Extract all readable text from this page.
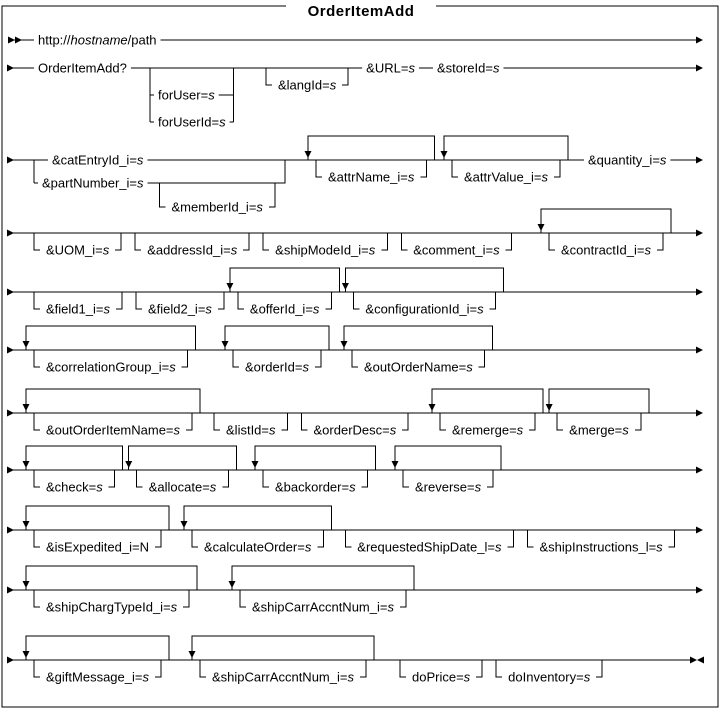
OrderItemAdd
http://hostname/path
OrderItemAdd?
forUser=s
forUserId=s
&langId=s
&URL=s &storeId=s
&partNumber_i=s
&catEntryId_i=s
&memberId_i=s
&attrName_i=s	&attrValue_i=s
&quantity_i=s
&UOM_i=s	&addressId_i=s	&shipModeId_i=s	&comment_i=s	&contractId_i=s
&field1_i=s	&field2_i=s	&offerId_i=s	&configurationId_i=s
&correlationGroup_i=s	&orderId=s	&outOrderName=s
&outOrderItemName=s	&listId=s	&orderDesc=s	&remerge=s	&merge=s
&check=s	&allocate=s	&backorder=s	&reverse=s
&isExpedited_i=N	&calculateOrder=s	&requestedShipDate_l=s	&shipInstructions_l=s
&shipChargTypeId_i=s	&shipCarrAccntNum_i=s
&giftMessage_i=s	&shipCarrAccntNum_i=s	doPrice=s	doInventory=s
